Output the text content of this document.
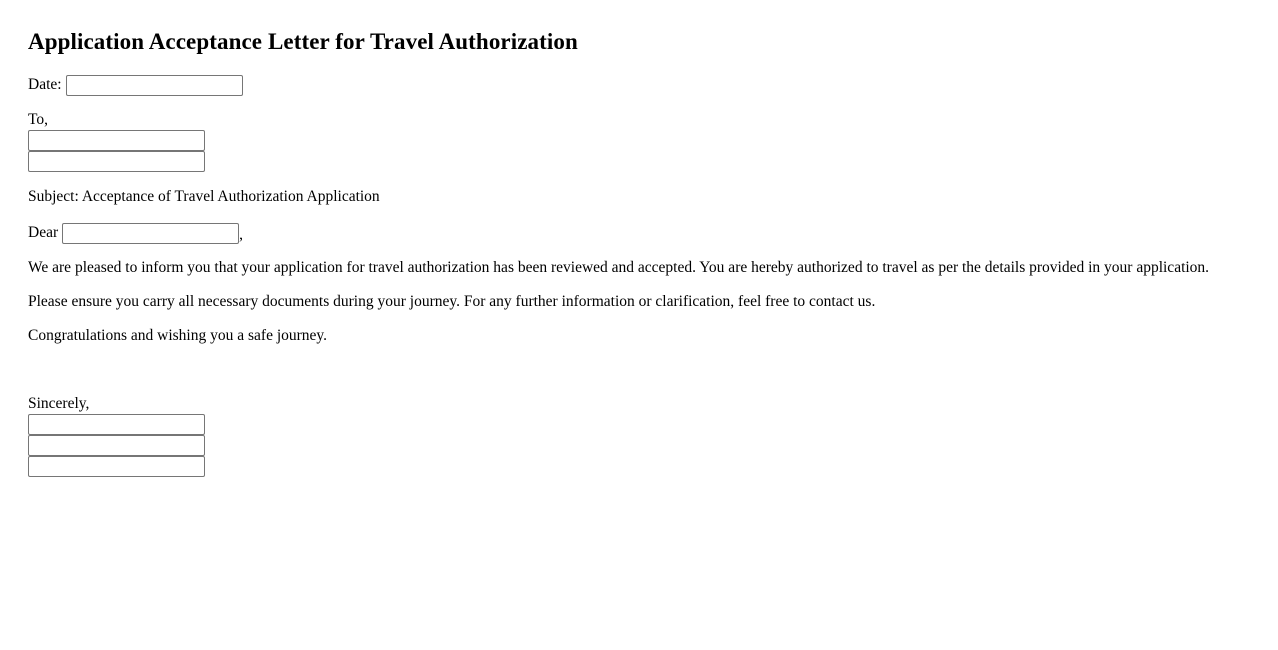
Application Acceptance Letter for Travel Authorization
Date:
To,
Subject: Acceptance of Travel Authorization Application
Dear	,
We are pleased to inform you that your application for travel authorization has been reviewed and accepted. You are hereby authorized to travel as per the details provided in your application.
Please ensure you carry all necessary documents during your journey. For any further information or clarification, feel free to contact us.
Congratulations and wishing you a safe journey.
Sincerely,
